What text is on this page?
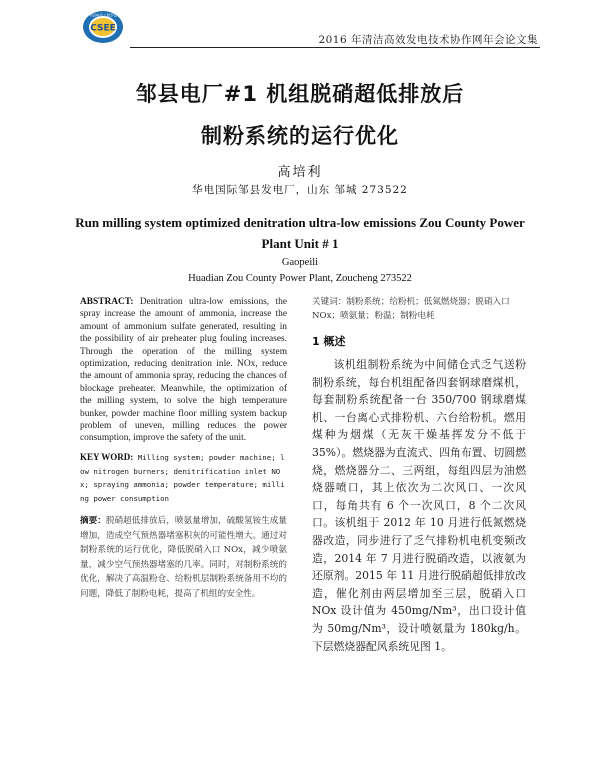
中国电机工程学会
CSEE
2016 年清洁高效发电技术协作网年会论文集
邹县电厂#1 机组脱硝超低排放后
制粉系统的运行优化
高培利
华电国际邹县发电厂，山东 邹城 273522
Run milling system optimized denitration ultra-low emissions Zou County Power Plant Unit # 1
Gaopeili
Huadian Zou County Power Plant, Zoucheng 273522

ABSTRACT: Denitration ultra-low emissions, the spray increase the amount of ammonia, increase the amount of ammonium sulfate generated, resulting in the possibility of air preheater plug fouling increases. Through the operation of the milling system optimization, reducing denitration inle. NOx, reduce the amount of ammonia spray, reducing the chances of blockage preheater. Meanwhile, the optimization of the milling system, to solve the high temperature bunker, powder machine floor milling system backup problem of uneven, milling reduces the power consumption, improve the safety of the unit.

KEY WORD: Milling system; powder machine; low nitrogen burners; denitrification inlet NOx; spraying ammonia; powder temperature; milling power consumption

摘要：脱硝超低排放后，喷氨量增加，硫酸氢铵生成量增加，造成空气预热器堵塞积灰的可能性增大。通过对制粉系统的运行优化，降低脱硝入口 NOx，减少喷氨量，减少空气预热器堵塞的几率。同时，对制粉系统的优化，解决了高温粉仓、给粉机层制粉系统备用不均的问题，降低了制粉电耗，提高了机组的安全性。

关键词：制粉系统；给粉机；低氮燃烧器；脱硝入口 NOx；喷氨量；粉温；制粉电耗

1 概述

该机组制粉系统为中间储仓式乏气送粉制粉系统，每台机组配备四套钢球磨煤机，每套制粉系统配备一台 350/700 钢球磨煤机、一台离心式排粉机、六台给粉机。燃用煤种为烟煤（无灰干燥基挥发分不低于 35%）。燃烧器为直流式、四角布置、切圆燃烧，燃烧器分二、三两组，每组四层为油燃烧器喷口，其上依次为二次风口、一次风口，每角共有 6 个一次风口，8 个二次风口。该机组于 2012 年 10 月进行低氮燃烧器改造，同步进行了乏气排粉机电机变频改造，2014 年 7 月进行脱硝改造，以液氨为还原剂。2015 年 11 月进行脱硝超低排放改造，催化剂由两层增加至三层，脱硝入口 NOx 设计值为 450mg/Nm³，出口设计值为 50mg/Nm³，设计喷氨量为 180kg/h。下层燃烧器配风系统见图 1。
